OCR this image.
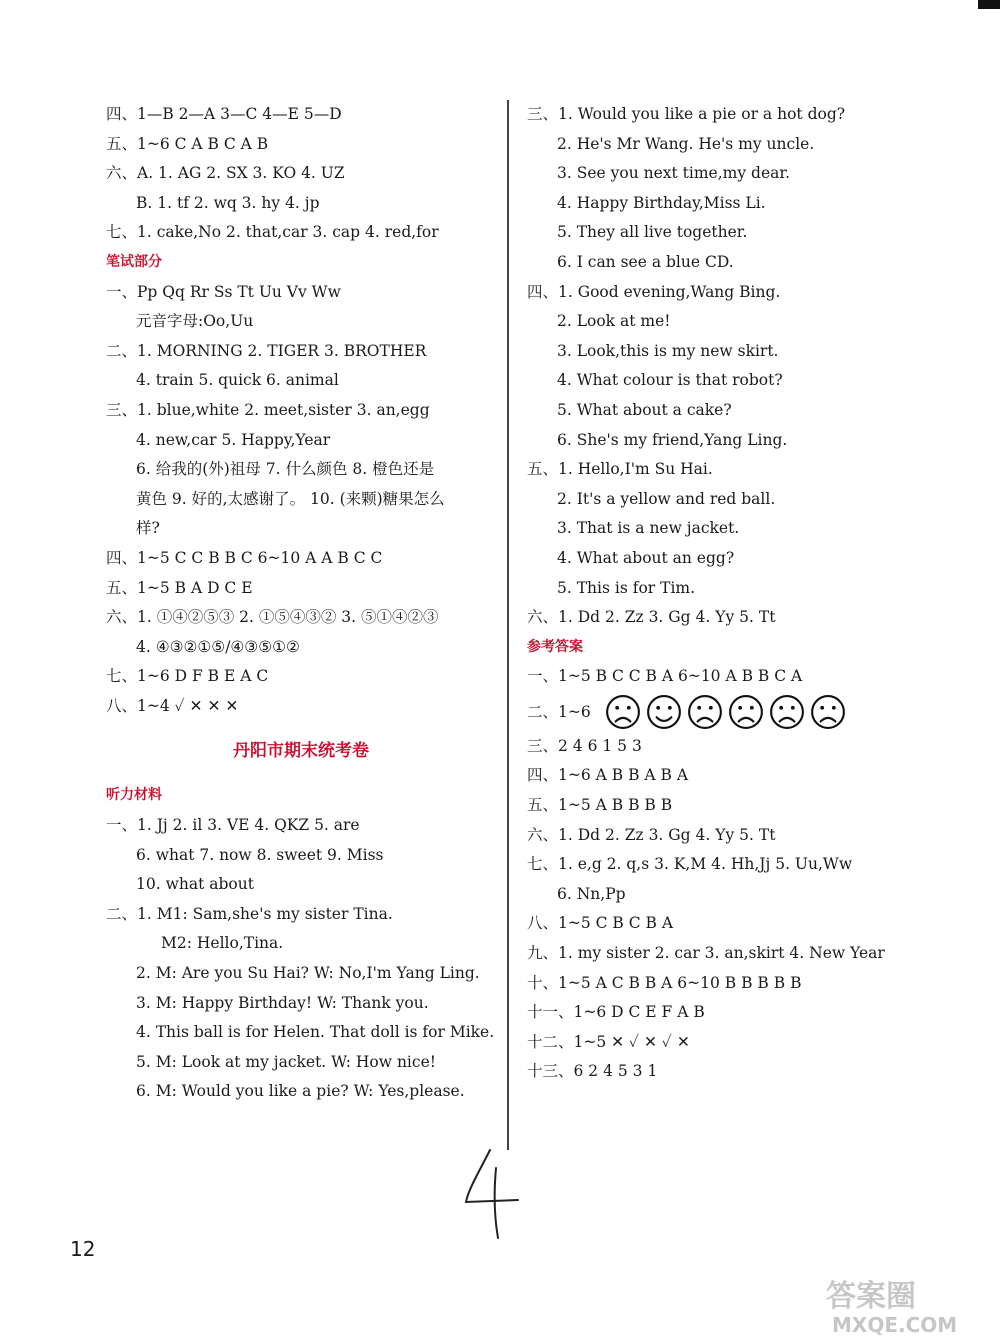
四、1—B 2—A 3—C 4—E 5—D
五、1~6 C A B C A B
六、A. 1. AG 2. SX 3. KO 4. UZ
B. 1. tf 2. wq 3. hy 4. jp
七、1. cake,No 2. that,car 3. cap 4. red,for
笔试部分
一、Pp Qq Rr Ss Tt Uu Vv Ww
元音字母:Oo,Uu
二、1. MORNING 2. TIGER 3. BROTHER
4. train 5. quick 6. animal
三、1. blue,white 2. meet,sister 3. an,egg
4. new,car 5. Happy,Year
6. 给我的(外)祖母 7. 什么颜色 8. 橙色还是
黄色 9. 好的,太感谢了。 10. (来颗)糖果怎么
样?
四、1~5 C C B B C 6~10 A A B C C
五、1~5 B A D C E
六、1. ①④②⑤③ 2. ①⑤④③② 3. ⑤①④②③
4. ④③②①⑤/④③⑤①②
七、1~6 D F B E A C
八、1~4 ✓ ✕ ✕ ✕
丹阳市期末统考卷
听力材料
一、1. Jj 2. il 3. VE 4. QKZ 5. are
6. what 7. now 8. sweet 9. Miss
10. what about
二、1. M1: Sam,she's my sister Tina.
M2: Hello,Tina.
2. M: Are you Su Hai? W: No,I'm Yang Ling.
3. M: Happy Birthday! W: Thank you.
4. This ball is for Helen. That doll is for Mike.
5. M: Look at my jacket. W: How nice!
6. M: Would you like a pie? W: Yes,please.
三、1. Would you like a pie or a hot dog?
2. He's Mr Wang. He's my uncle.
3. See you next time,my dear.
4. Happy Birthday,Miss Li.
5. They all live together.
6. I can see a blue CD.
四、1. Good evening,Wang Bing.
2. Look at me!
3. Look,this is my new skirt.
4. What colour is that robot?
5. What about a cake?
6. She's my friend,Yang Ling.
五、1. Hello,I'm Su Hai.
2. It's a yellow and red ball.
3. That is a new jacket.
4. What about an egg?
5. This is for Tim.
六、1. Dd 2. Zz 3. Gg 4. Yy 5. Tt
参考答案
一、1~5 B C C B A 6~10 A B B C A
二、1~6
三、2 4 6 1 5 3
四、1~6 A B B A B A
五、1~5 A B B B B
六、1. Dd 2. Zz 3. Gg 4. Yy 5. Tt
七、1. e,g 2. q,s 3. K,M 4. Hh,Jj 5. Uu,Ww
6. Nn,Pp
八、1~5 C B C B A
九、1. my sister 2. car 3. an,skirt 4. New Year
十、1~5 A C B B A 6~10 B B B B B
十一、1~6 D C E F A B
十二、1~5 ✕ ✓ ✕ ✓ ✕
十三、6 2 4 5 3 1
12
答案圈
MXQE.COM
